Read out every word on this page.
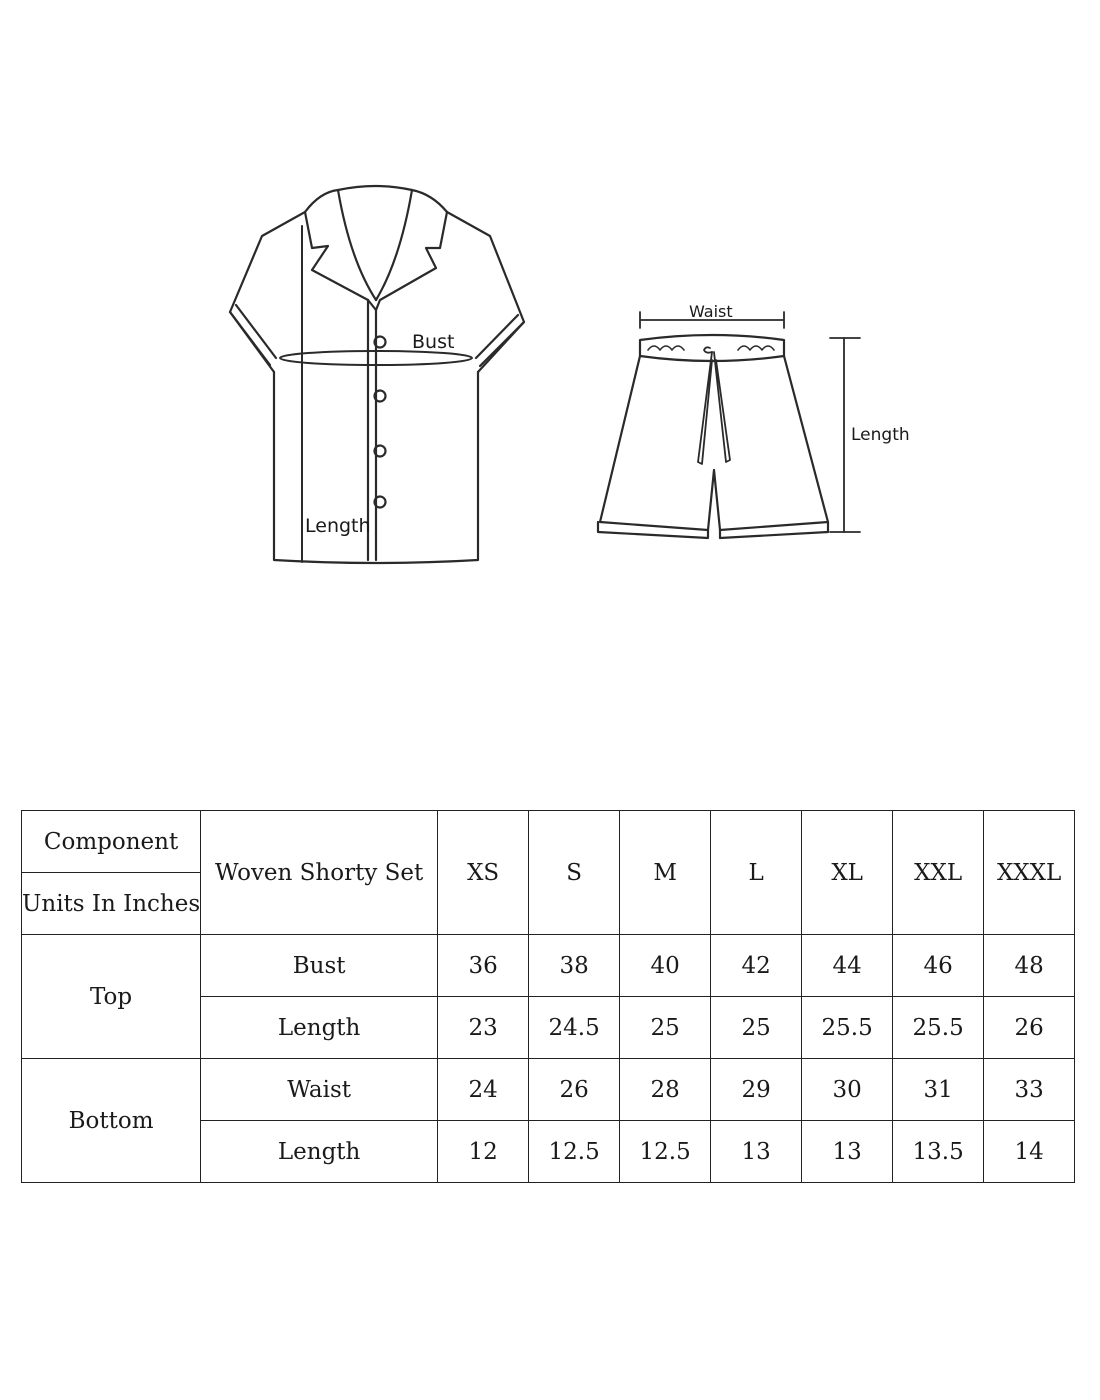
Bust
Length
Waist
Length
Component	Woven Shorty Set	XS	S	M	L	XL	XXL	XXXL
Units In Inches								
Top	Bust	36	38	40	42	44	46	48
	Length	23	24.5	25	25	25.5	25.5	26
Bottom	Waist	24	26	28	29	30	31	33
	Length	12	12.5	12.5	13	13	13.5	14
